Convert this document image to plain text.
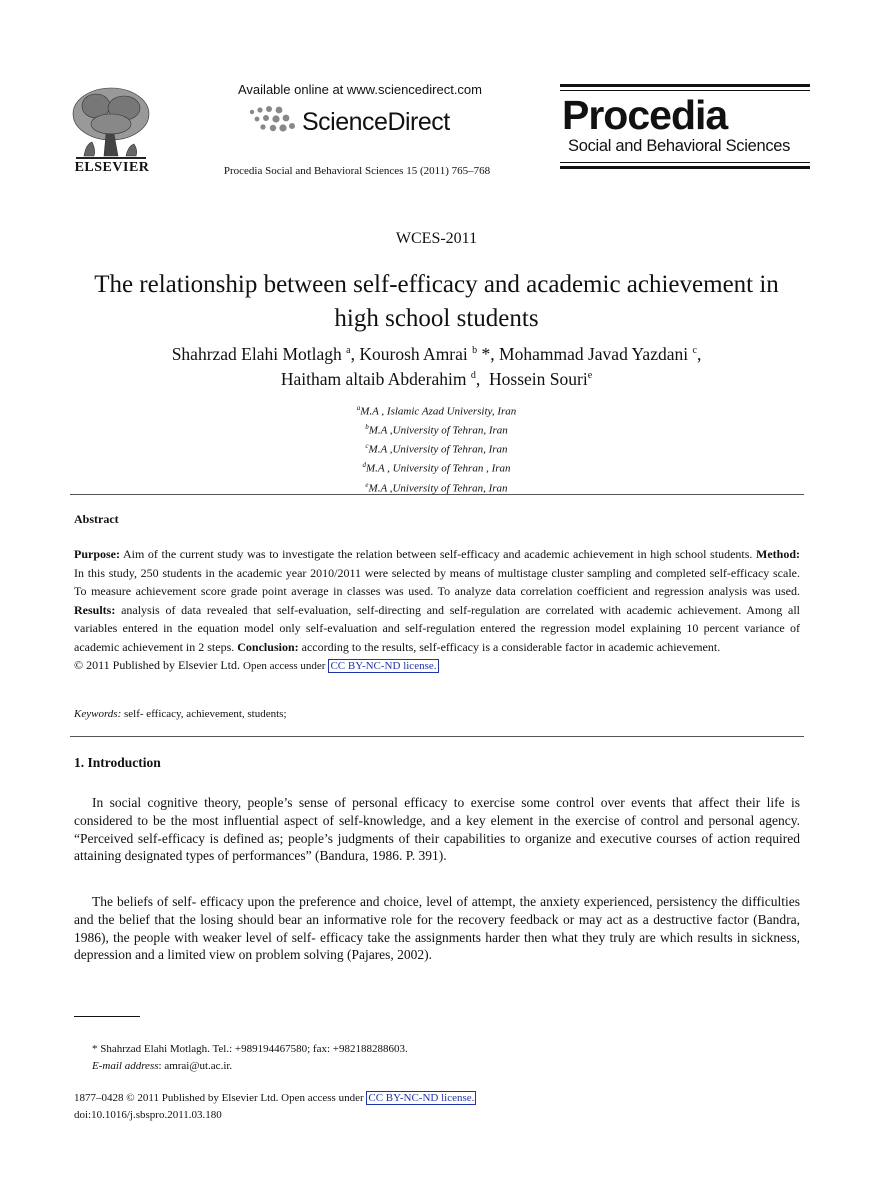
ELSEVIER
Available online at www.sciencedirect.com
ScienceDirect
Procedia Social and Behavioral Sciences 15 (2011) 765–768
Procedia
Social and Behavioral Sciences
WCES-2011
The relationship between self-efficacy and academic achievement in
high school students
Shahrzad Elahi Motlagh $^a$, Kourosh Amrai $^b$ *, Mohammad Javad Yazdani $^c$,
Haitham altaib Abderahim $^d$,  Hossein Souri$^e$
$^a$M.A , Islamic Azad University, Iran
$^b$M.A ,University of Tehran, Iran
$^c$M.A ,University of Tehran, Iran
$^d$M.A , University of Tehran , Iran
$^e$M.A ,University of Tehran, Iran
Abstract
Purpose: Aim of the current study was to investigate the relation between self-efficacy and academic achievement in high school students. Method: In this study, 250 students in the academic year 2010/2011 were selected by means of multistage cluster sampling and completed self-efficacy scale. To measure achievement score grade point average in classes was used. To analyze data correlation coefficient and regression analysis was used. Results: analysis of data revealed that self-evaluation, self-directing and self-regulation are correlated with academic achievement. Among all variables entered in the equation model only self-evaluation and self-regulation entered the regression model explaining 10 percent variance of academic achievement in 2 steps. Conclusion: according to the results, self-efficacy is a considerable factor in academic achievement.
© 2011 Published by Elsevier Ltd. Open access under CC BY-NC-ND license.
Keywords: self- efficacy, achievement, students;
1. Introduction
In social cognitive theory, people’s sense of personal efficacy to exercise some control over events that affect their life is considered to be the most influential aspect of self-knowledge, and a key element in the exercise of control and personal agency. “Perceived self-efficacy is defined as; people’s judgments of their capabilities to organize and executive courses of action required attaining designated types of performances” (Bandura, 1986. P. 391).
The beliefs of self- efficacy upon the preference and choice, level of attempt, the anxiety experienced, persistency the difficulties and the belief that the losing should bear an informative role for the recovery feedback or may act as a destructive factor (Bandra, 1986), the people with weaker level of self- efficacy take the assignments harder then what they truly are which results in sickness, depression and a limited view on problem solving (Pajares, 2002).
* Shahrzad Elahi Motlagh. Tel.: +989194467580; fax: +982188288603.
E-mail address: amrai@ut.ac.ir.
1877–0428 © 2011 Published by Elsevier Ltd. Open access under CC BY-NC-ND license.
doi:10.1016/j.sbspro.2011.03.180
